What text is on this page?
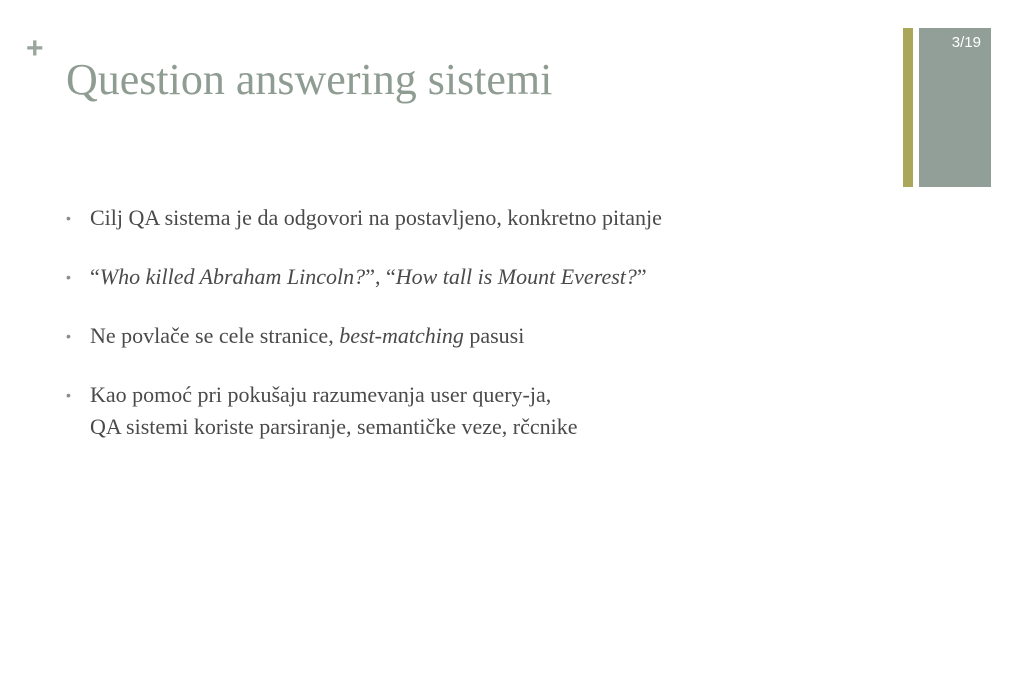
+
Question answering sistemi
3/19
• Cilj QA sistema je da odgovori na postavljeno, konkretno pitanje
• “Who killed Abraham Lincoln?”, “How tall is Mount Everest?”
• Ne povlače se cele stranice, best-matching pasusi
• Kao pomoć pri pokušaju razumevanja user query-ja,
QA sistemi koriste parsiranje, semantičke veze, rčcnike
